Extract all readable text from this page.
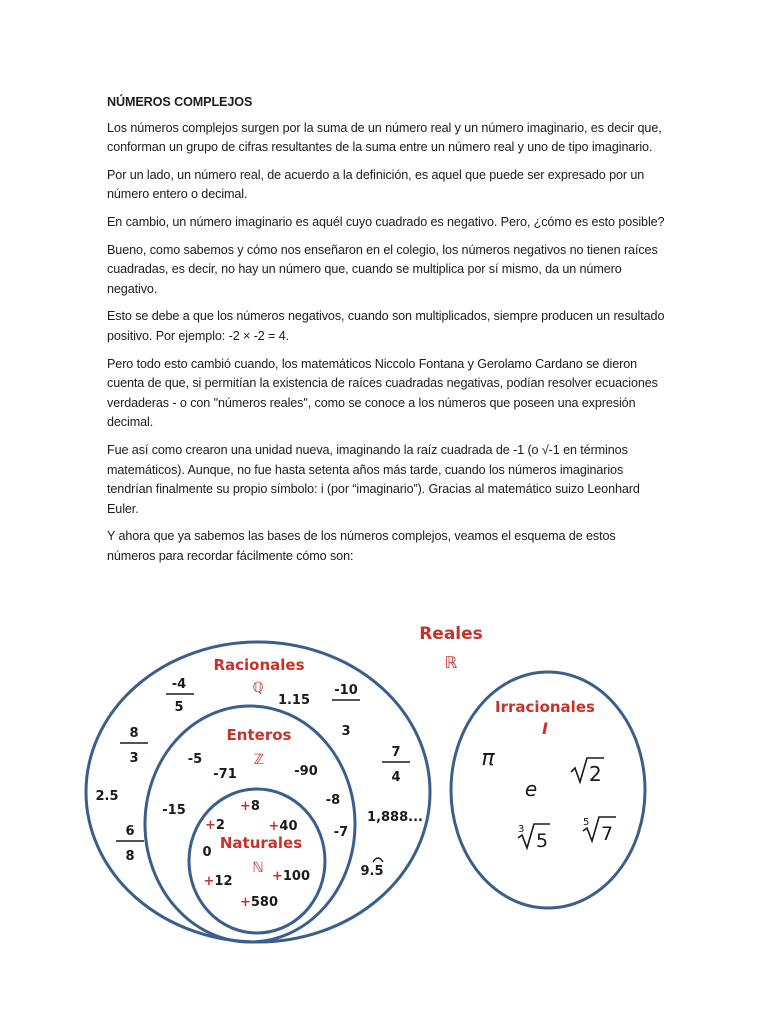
NÚMEROS COMPLEJOS

Los números complejos surgen por la suma de un número real y un número imaginario, es decir que, conforman un grupo de cifras resultantes de la suma entre un número real y uno de tipo imaginario.

Por un lado, un número real, de acuerdo a la definición, es aquel que puede ser expresado por un número entero o decimal.

En cambio, un número imaginario es aquél cuyo cuadrado es negativo. Pero, ¿cómo es esto posible?

Bueno, como sabemos y cómo nos enseñaron en el colegio, los números negativos no tienen raíces cuadradas, es decir, no hay un número que, cuando se multiplica por sí mismo, da un número negativo.

Esto se debe a que los números negativos, cuando son multiplicados, siempre producen un resultado positivo. Por ejemplo: -2 × -2 = 4.

Pero todo esto cambió cuando, los matemáticos Niccolo Fontana y Gerolamo Cardano se dieron cuenta de que, si permitían la existencia de raíces cuadradas negativas, podían resolver ecuaciones verdaderas - o con "números reales", como se conoce a los números que poseen una expresión decimal.

Fue así como crearon una unidad nueva, imaginando la raíz cuadrada de -1 (o √-1 en términos matemáticos). Aunque, no fue hasta setenta años más tarde, cuando los números imaginarios tendrían finalmente su propio símbolo: i (por “imaginario”). Gracias al matemático suizo Leonhard Euler.

Y ahora que ya sabemos las bases de los números complejos, veamos el esquema de estos números para recordar fácilmente cómo son:

Reales
ℝ
Racionales
ℚ
-4
5
-10
3
8
3	7
4
6
8
1.15
2.5
1,888...
9.5
Enteros
ℤ
-5
-71	-90
-15
-8
-7
Naturales
ℕ
+8
+2	+40
0
+12	+100
+580
Irracionales
I
π
e
2
3
5
5
7
